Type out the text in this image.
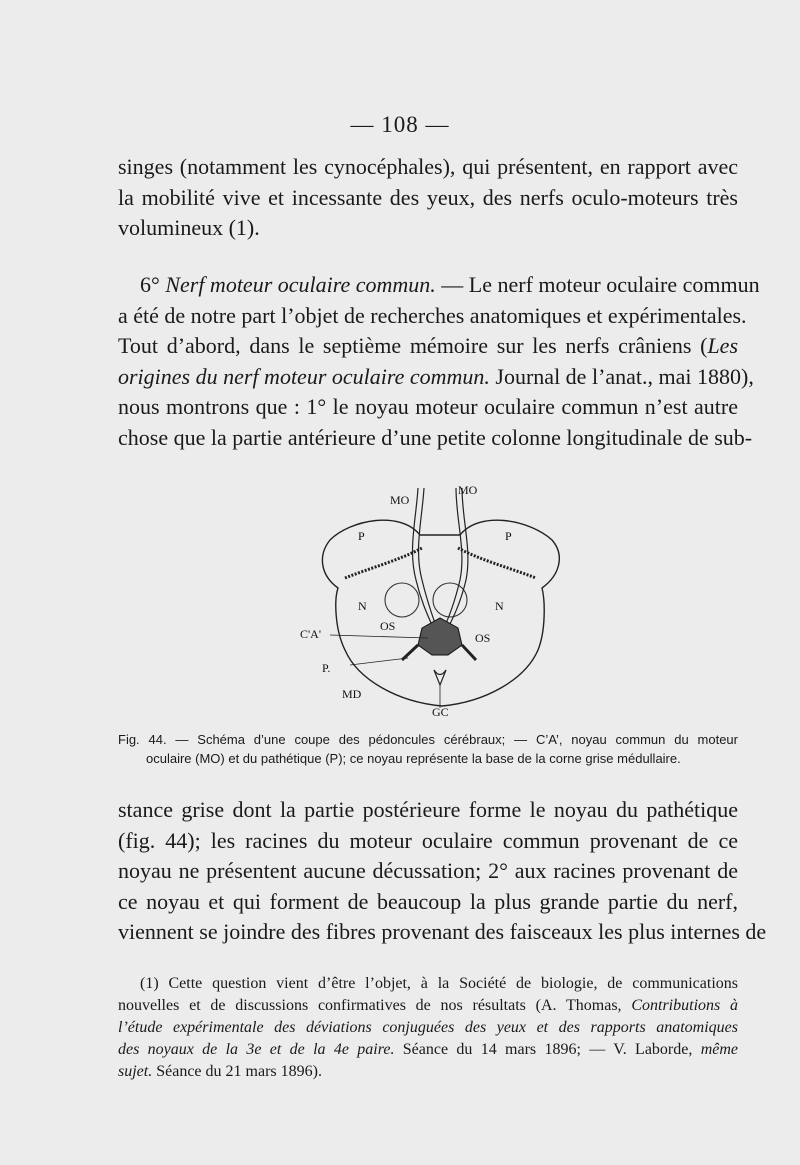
— 108 —
singes (notamment les cynocéphales), qui présentent, en rapport avec
la mobilité vive et incessante des yeux, des nerfs oculo-moteurs très
volumineux (1).
6° Nerf moteur oculaire commun. — Le nerf moteur oculaire commun
a été de notre part l’objet de recherches anatomiques et expérimentales.
Tout d’abord, dans le septième mémoire sur les nerfs crâniens (Les
origines du nerf moteur oculaire commun. Journal de l’anat., mai 1880),
nous montrons que : 1° le noyau moteur oculaire commun n’est autre
chose que la partie antérieure d’une petite colonne longitudinale de sub-
MO
MO
P	P
N	N
OS
OS
C'A'
P.
MD
GC
Fig. 44. — Schéma d’une coupe des pédoncules cérébraux; — C’A’, noyau commun du moteur
oculaire (MO) et du pathétique (P); ce noyau représente la base de la corne grise médullaire.
stance grise dont la partie postérieure forme le noyau du pathétique
(fig. 44); les racines du moteur oculaire commun provenant de ce
noyau ne présentent aucune décussation; 2° aux racines provenant de
ce noyau et qui forment de beaucoup la plus grande partie du nerf,
viennent se joindre des fibres provenant des faisceaux les plus internes de
(1) Cette question vient d’être l’objet, à la Société de biologie, de communications
nouvelles et de discussions confirmatives de nos résultats (A. Thomas, Contributions à
l’étude expérimentale des déviations conjuguées des yeux et des rapports anatomiques
des noyaux de la 3e et de la 4e paire. Séance du 14 mars 1896; — V. Laborde, même
sujet. Séance du 21 mars 1896).
